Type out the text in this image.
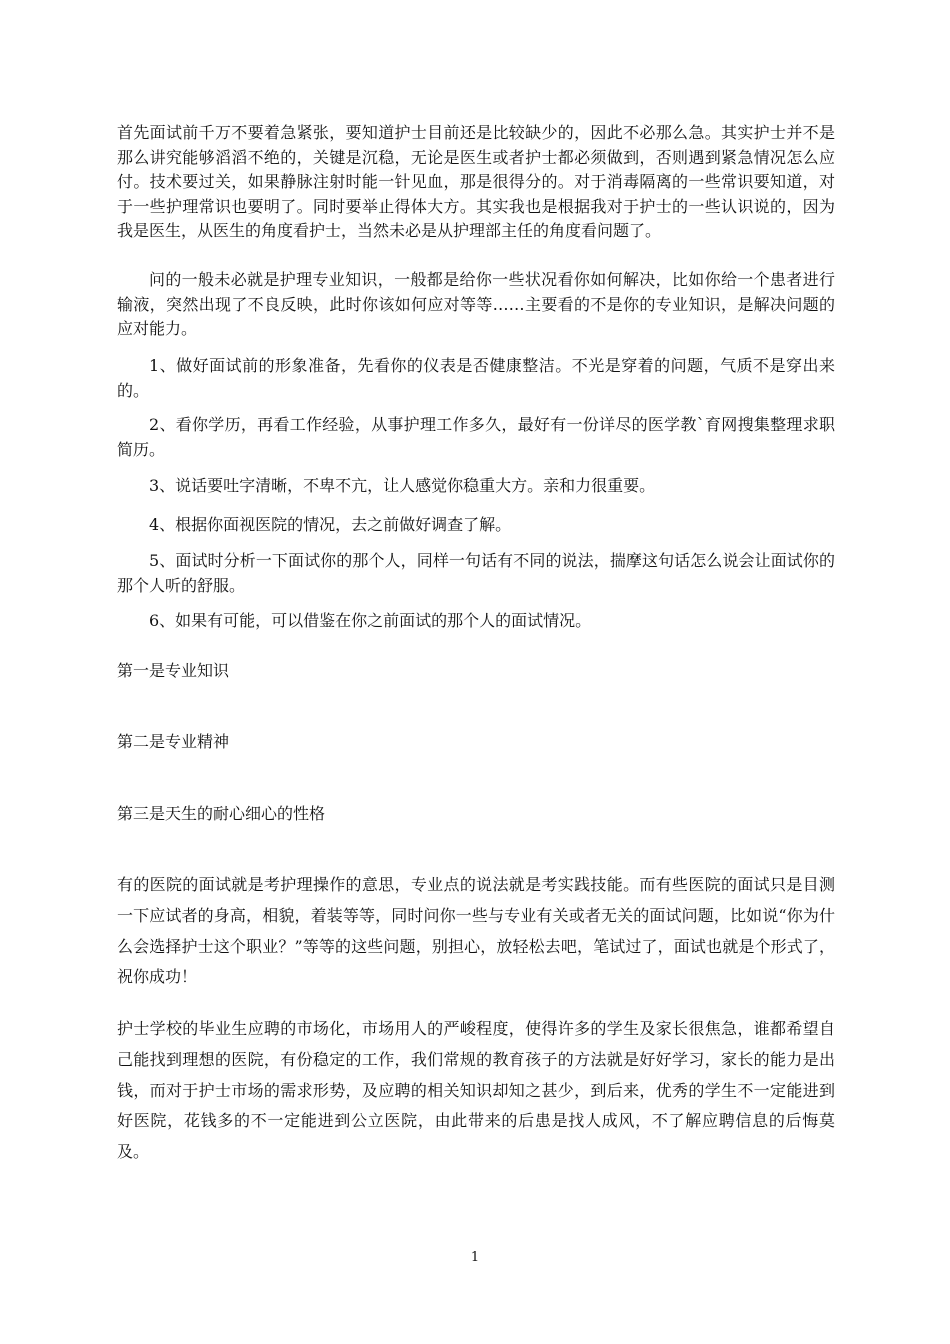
首先面试前千万不要着急紧张，要知道护士目前还是比较缺少的，因此不必那么急。其实护士并不是那么讲究能够滔滔不绝的，关键是沉稳，无论是医生或者护士都必须做到，否则遇到紧急情况怎么应付。技术要过关，如果静脉注射时能一针见血，那是很得分的。对于消毒隔离的一些常识要知道，对于一些护理常识也要明了。同时要举止得体大方。其实我也是根据我对于护士的一些认识说的，因为我是医生，从医生的角度看护士，当然未必是从护理部主任的角度看问题了。

问的一般未必就是护理专业知识，一般都是给你一些状况看你如何解决，比如你给一个患者进行输液，突然出现了不良反映，此时你该如何应对等等……主要看的不是你的专业知识，是解决问题的应对能力。

1、做好面试前的形象准备，先看你的仪表是否健康整洁。不光是穿着的问题，气质不是穿出来的。

2、看你学历，再看工作经验，从事护理工作多久，最好有一份详尽的医学教`育网搜集整理求职简历。

3、说话要吐字清晰，不卑不亢，让人感觉你稳重大方。亲和力很重要。

4、根据你面视医院的情况，去之前做好调查了解。

5、面试时分析一下面试你的那个人，同样一句话有不同的说法，揣摩这句话怎么说会让面试你的那个人听的舒服。

6、如果有可能，可以借鉴在你之前面试的那个人的面试情况。

第一是专业知识

第二是专业精神

第三是天生的耐心细心的性格

有的医院的面试就是考护理操作的意思，专业点的说法就是考实践技能。而有些医院的面试只是目测一下应试者的身高，相貌，着装等等，同时问你一些与专业有关或者无关的面试问题，比如说“你为什么会选择护士这个职业？”等等的这些问题，别担心，放轻松去吧，笔试过了，面试也就是个形式了，祝你成功！

护士学校的毕业生应聘的市场化，市场用人的严峻程度，使得许多的学生及家长很焦急，谁都希望自己能找到理想的医院，有份稳定的工作，我们常规的教育孩子的方法就是好好学习，家长的能力是出钱，而对于护士市场的需求形势，及应聘的相关知识却知之甚少，到后来，优秀的学生不一定能进到好医院，花钱多的不一定能进到公立医院，由此带来的后患是找人成风，不了解应聘信息的后悔莫及。

1
